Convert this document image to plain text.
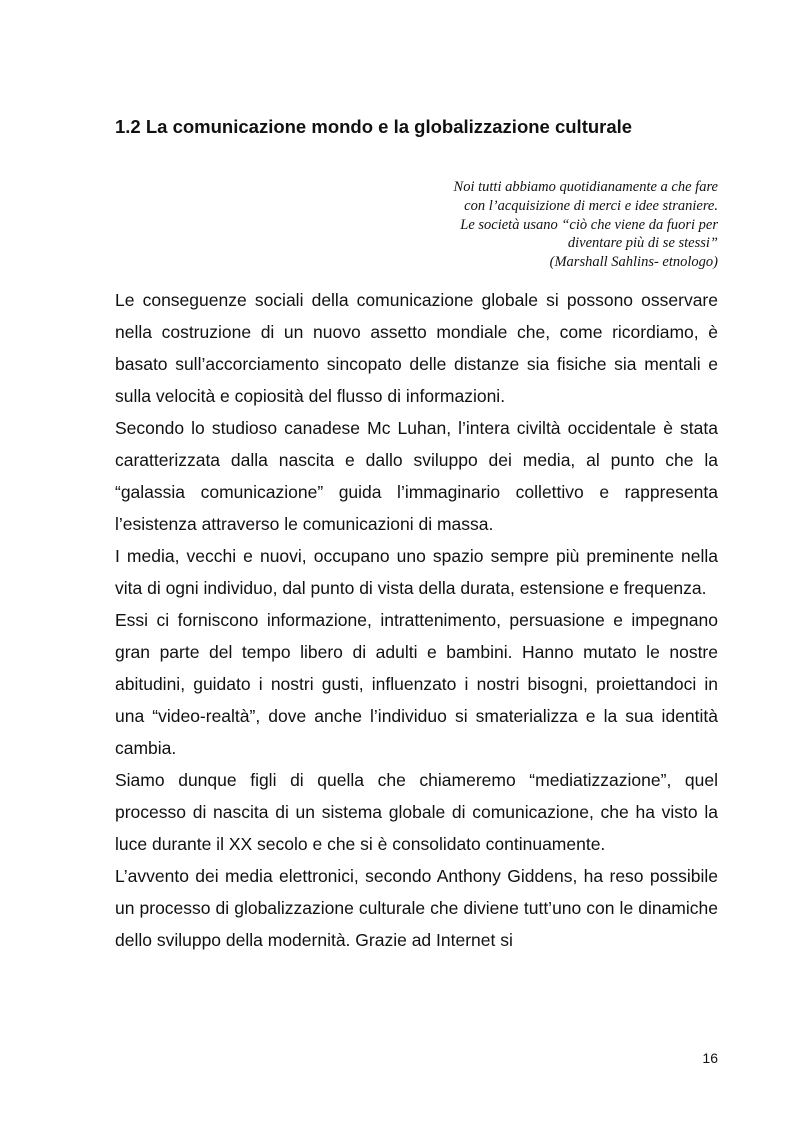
1.2 La comunicazione mondo e la globalizzazione culturale
Noi tutti abbiamo quotidianamente a che fare
con l’acquisizione di merci e idee straniere.
Le società usano “ciò che viene da fuori per
diventare più di se stessi”
(Marshall Sahlins- etnologo)

Le conseguenze sociali della comunicazione globale si possono osservare nella costruzione di un nuovo assetto mondiale che, come ricordiamo, è basato sull’accorciamento sincopato delle distanze sia fisiche sia mentali e sulla velocità e copiosità del flusso di informazioni.

Secondo lo studioso canadese Mc Luhan, l’intera civiltà occidentale è stata caratterizzata dalla nascita e dallo sviluppo dei media, al punto che la “galassia comunicazione” guida l’immaginario collettivo e rappresenta l’esistenza attraverso le comunicazioni di massa.

I media, vecchi e nuovi, occupano uno spazio sempre più preminente nella vita di ogni individuo, dal punto di vista della durata, estensione e frequenza.

Essi ci forniscono informazione, intrattenimento, persuasione e impegnano gran parte del tempo libero di adulti e bambini. Hanno mutato le nostre abitudini, guidato i nostri gusti, influenzato i nostri bisogni, proiettandoci in una “video-realtà”, dove anche l’individuo si smaterializza e la sua identità cambia.

Siamo dunque figli di quella che chiameremo “mediatizzazione”, quel processo di nascita di un sistema globale di comunicazione, che ha visto la luce durante il XX secolo e che si è consolidato continuamente.

L’avvento dei media elettronici, secondo Anthony Giddens, ha reso possibile un processo di globalizzazione culturale che diviene tutt’uno con le dinamiche dello sviluppo della modernità. Grazie ad Internet si

16
